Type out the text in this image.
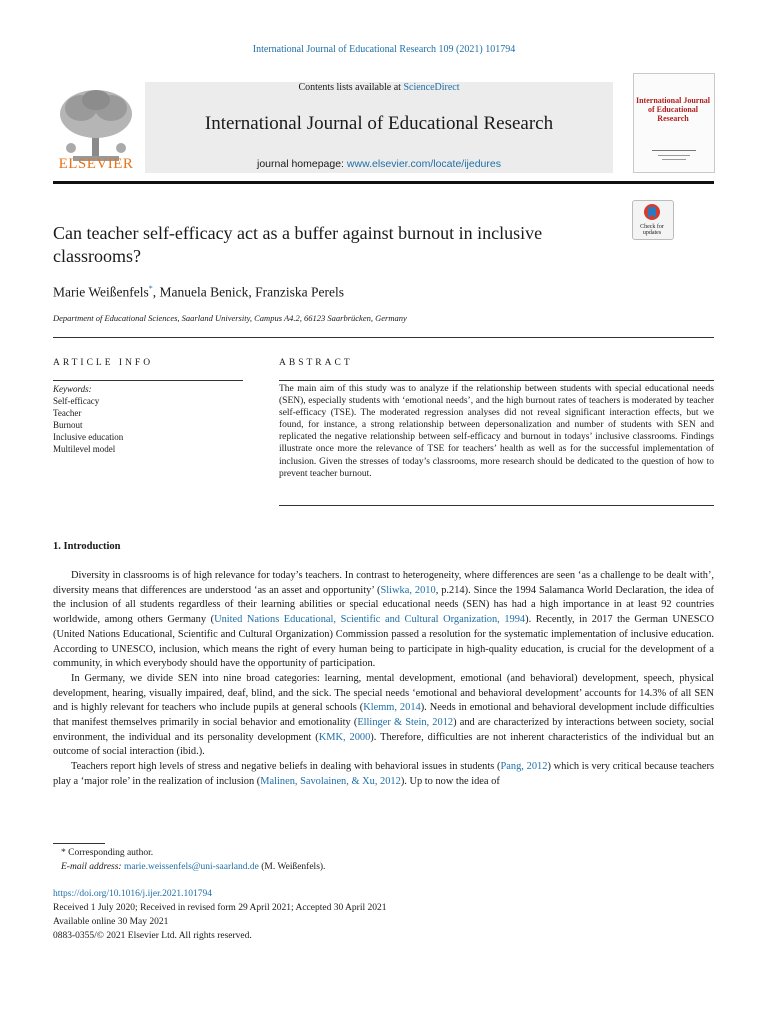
International Journal of Educational Research 109 (2021) 101794
ELSEVIER
Contents lists available at ScienceDirect
International Journal of Educational Research
journal homepage: www.elsevier.com/locate/ijedures
International Journal of Educational Research
Check for updates
Can teacher self-efficacy act as a buffer against burnout in inclusive classrooms?
Marie Weißenfels*, Manuela Benick, Franziska Perels
Department of Educational Sciences, Saarland University, Campus A4.2, 66123 Saarbrücken, Germany
ARTICLE INFO	ABSTRACT
Keywords:
Self-efficacy
Teacher
Burnout
Inclusive education
Multilevel model
The main aim of this study was to analyze if the relationship between students with special educational needs (SEN), especially students with ‘emotional needs’, and the high burnout rates of teachers is moderated by teacher self-efficacy (TSE). The moderated regression analyses did not reveal significant interaction effects, but we found, for instance, a strong relationship between depersonalization and number of students with SEN and replicated the negative relationship between self-efficacy and burnout in todays’ inclusive classrooms. Findings illustrate once more the relevance of TSE for teachers’ health as well as for the successful implementation of inclusion. Given the stresses of today’s classrooms, more research should be dedicated to the question of how to prevent teacher burnout.
1. Introduction

Diversity in classrooms is of high relevance for today’s teachers. In contrast to heterogeneity, where differences are seen ‘as a challenge to be dealt with’, diversity means that differences are understood ‘as an asset and opportunity’ (Sliwka, 2010, p.214). Since the 1994 Salamanca World Declaration, the idea of the inclusion of all students regardless of their learning abilities or special educational needs (SEN) has had a high importance in at least 92 countries worldwide, among others Germany (United Nations Educational, Scientific and Cultural Organization, 1994). Recently, in 2017 the German UNESCO (United Nations Educational, Scientific and Cultural Organization) Commission passed a resolution for the systematic implementation of inclusive education. According to UNESCO, inclusion, which means the right of every human being to participate in high-quality education, is crucial for the development of a community, in which everybody should have the opportunity of participation.

In Germany, we divide SEN into nine broad categories: learning, mental development, emotional (and behavioral) development, speech, physical development, hearing, visually impaired, deaf, blind, and the sick. The special needs ‘emotional and behavioral development’ accounts for 14.3% of all SEN and is highly relevant for teachers who include pupils at general schools (Klemm, 2014). Needs in emotional and behavioral development include difficulties that manifest themselves primarily in social behavior and emotionality (Ellinger & Stein, 2012) and are characterized by interactions between society, social environment, the individual and its personality development (KMK, 2000). Therefore, difficulties are not inherent characteristics of the individual but an outcome of social interaction (ibid.).

Teachers report high levels of stress and negative beliefs in dealing with behavioral issues in students (Pang, 2012) which is very critical because teachers play a ‘major role’ in the realization of inclusion (Malinen, Savolainen, & Xu, 2012). Up to now the idea of

* Corresponding author.
E-mail address: marie.weissenfels@uni-saarland.de (M. Weißenfels).
https://doi.org/10.1016/j.ijer.2021.101794
Received 1 July 2020; Received in revised form 29 April 2021; Accepted 30 April 2021
Available online 30 May 2021
0883-0355/© 2021 Elsevier Ltd. All rights reserved.
